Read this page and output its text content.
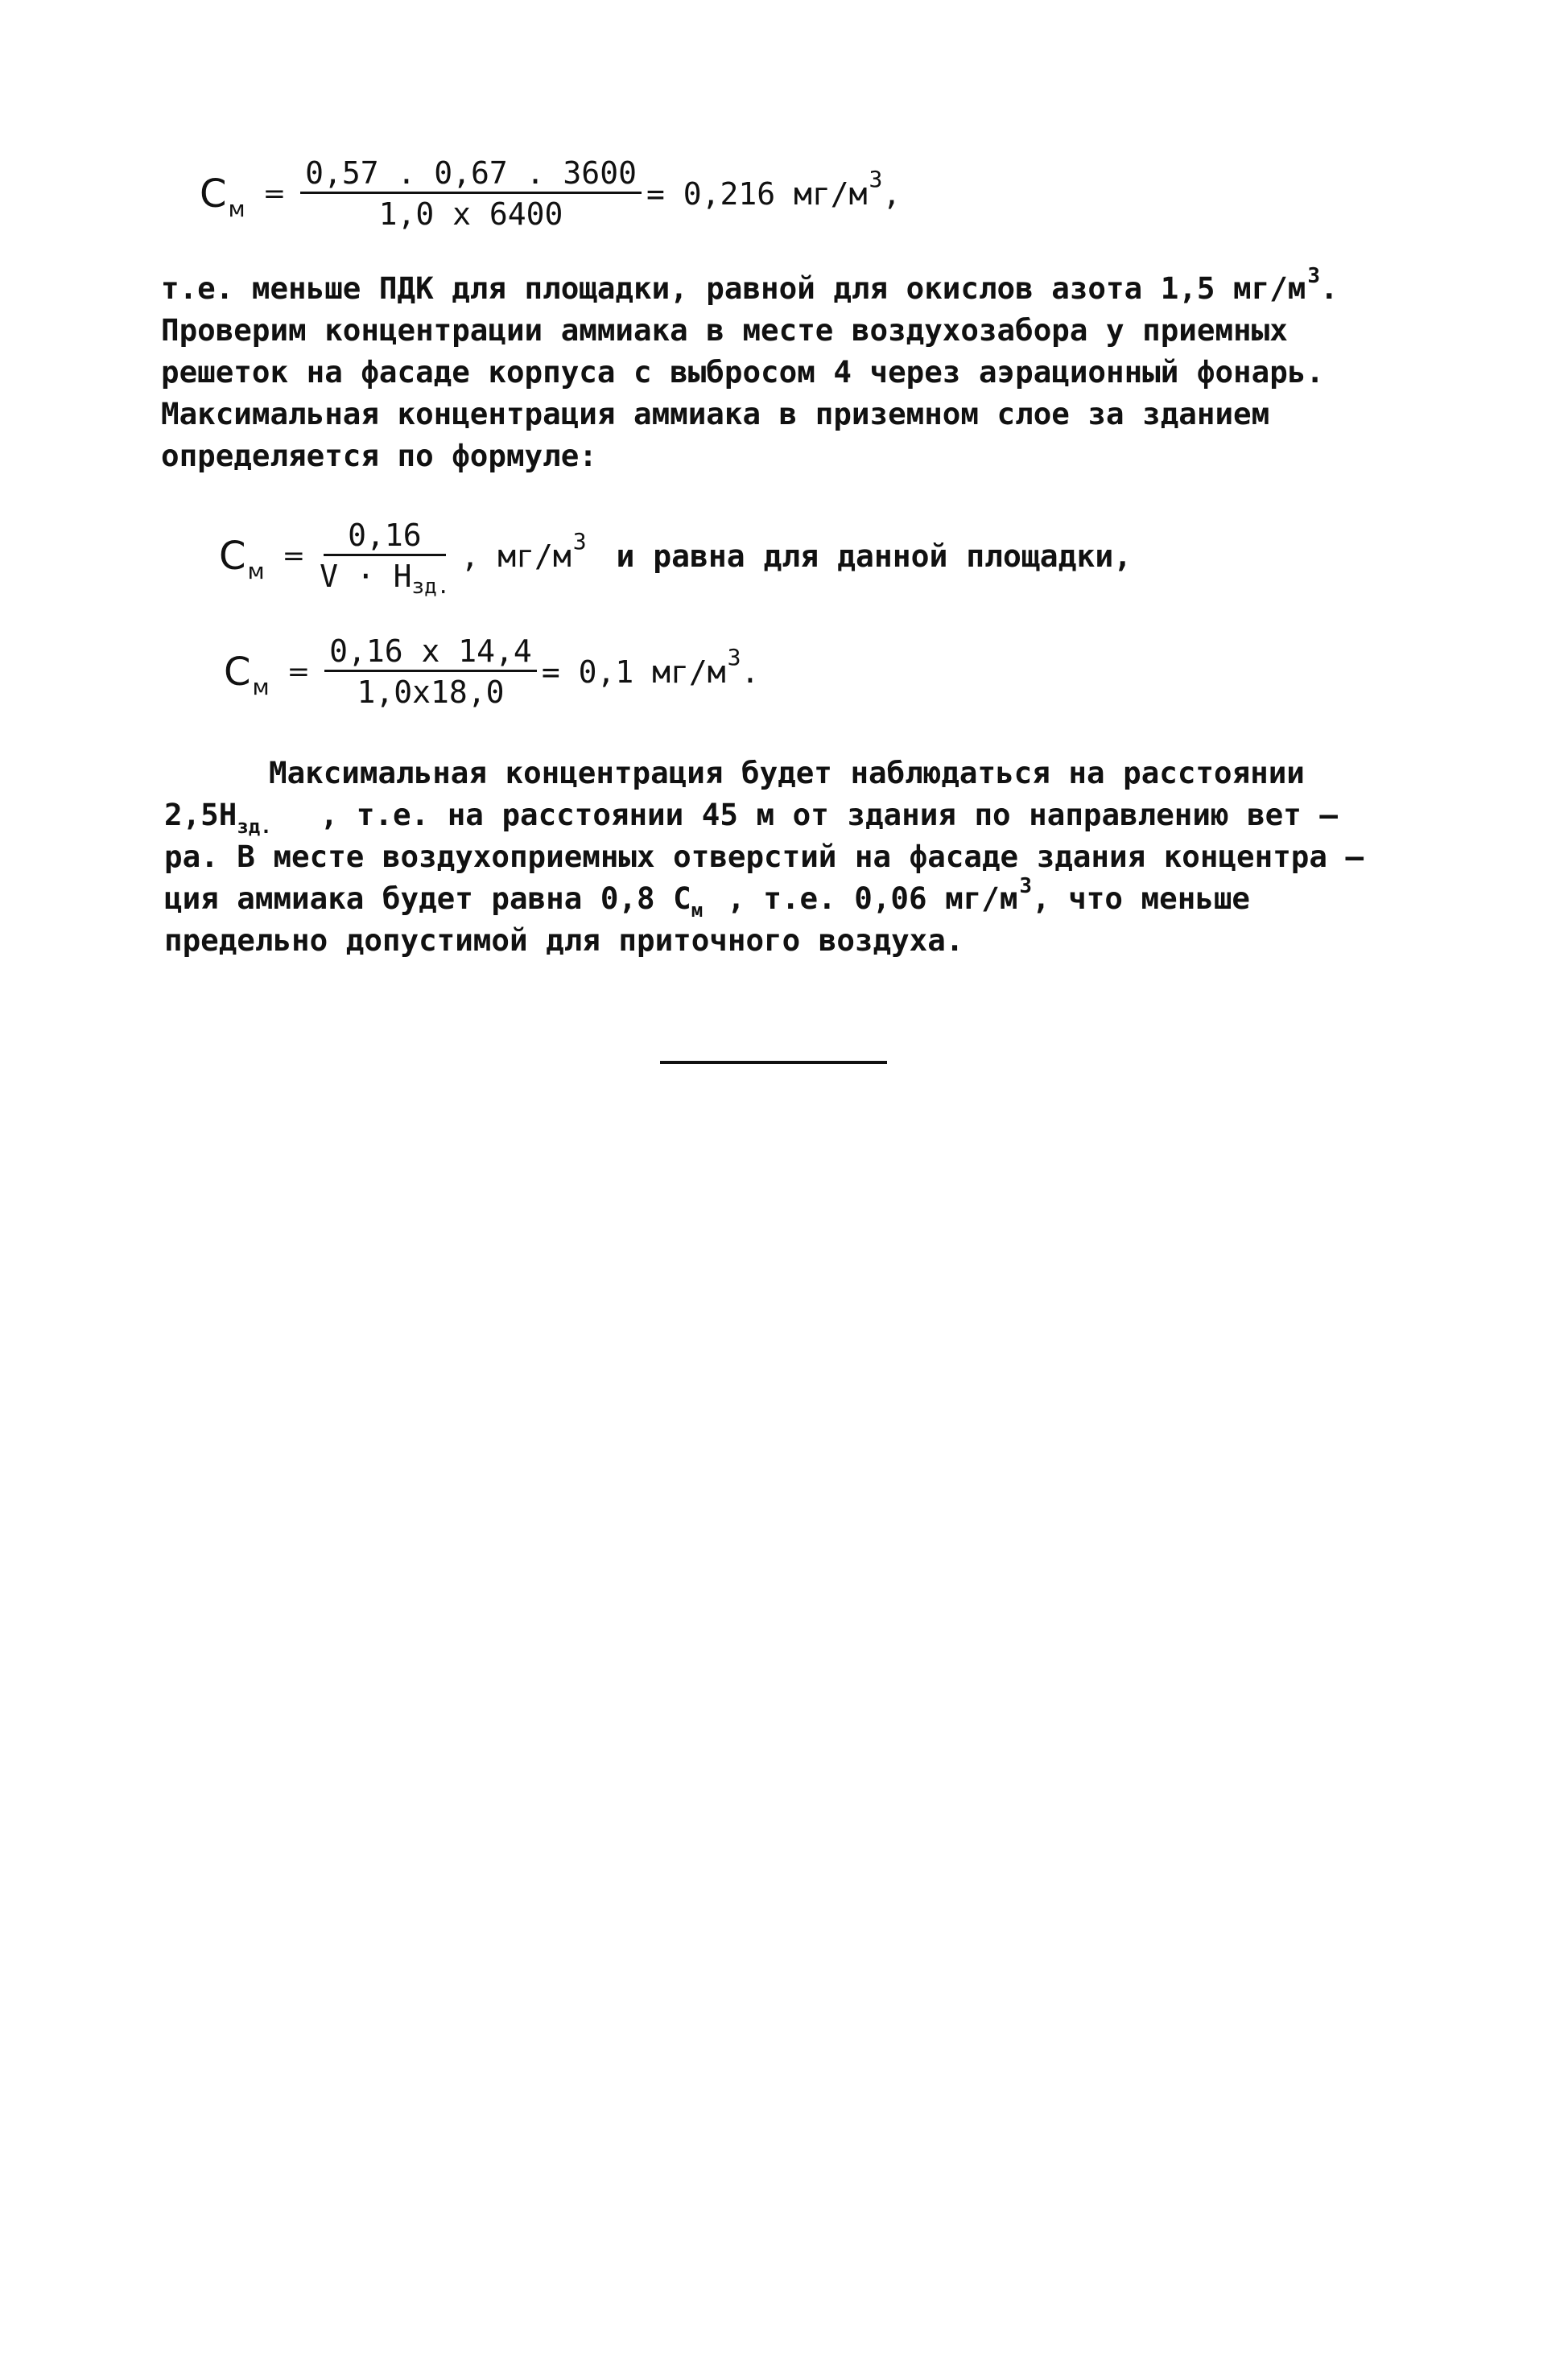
C $м = \frac{0,57 . 0,67 . 3600}{1,0 x 6400} = 0,216$ $мг/м^3$,
т.е. меньше ПДК для площадки, равной для окислов азота 1,5 $мг/м^3$.
Проверим концентрации аммиака в месте воздухозабора у приемных
решеток на фасаде корпуса с выбросом 4 через аэрационный фонарь.
Максимальная концентрация аммиака в приземном слое за зданием
определяется по формуле:
C $м = \frac{0,16}{V \cdot H_{зд.}}$ , $мг/м^3$ и равна для данной площадки,
C $м = \frac{0,16 x 14,4}{1,0x18,0} = 0,1$ $мг/м^3$.
Максимальная концентрация будет наблюдаться на расстоянии
$2,5H_{зд.}$ , т.е. на расстоянии 45 м от здания по направлению вет –
ра. В месте воздухоприемных отверстий на фасаде здания концентра –
ция аммиака будет равна 0,8 $С_м$ , т.е. 0,06 $мг/м^3$, что меньше
предельно допустимой для приточного воздуха.
